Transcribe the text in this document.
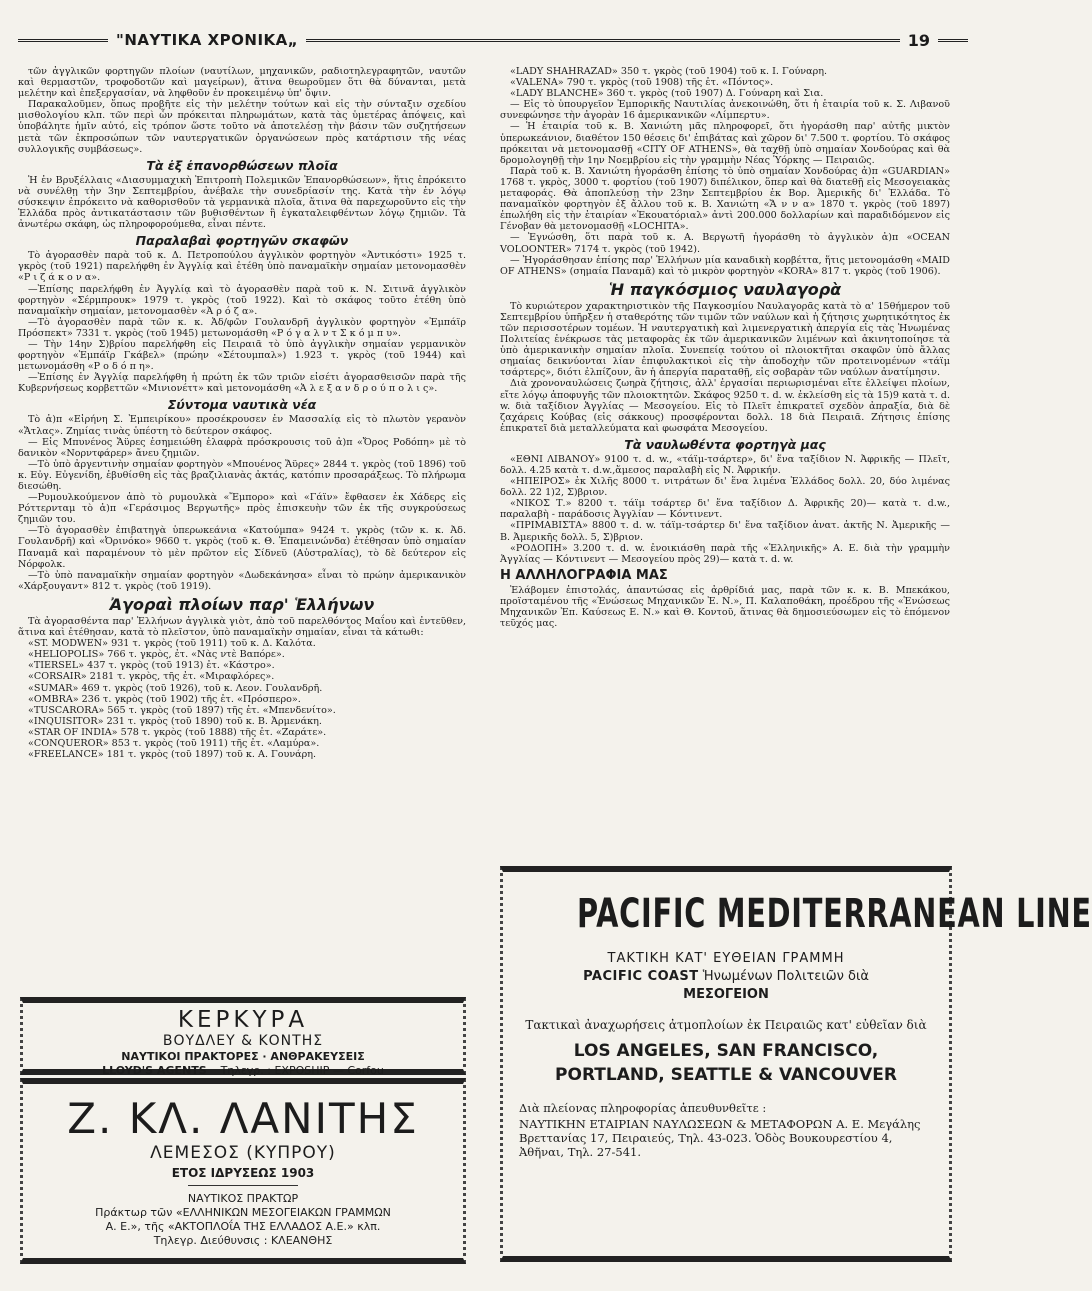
"ΝΑΥΤΙΚΑ ΧΡΟΝΙΚΑ„	19

τῶν ἀγγλικῶν φορτηγῶν πλοίων (ναυτίλων, μηχανικῶν, ραδιοτηλεγραφητῶν, ναυτῶν καὶ θερμαστῶν, τροφοδοτῶν καὶ μαγείρων), ἅτινα θεωροῦμεν ὅτι θὰ δύνανται, μετὰ μελέτην καὶ ἐπεξεργασίαν, νὰ ληφθοῦν ἐν προκειμένῳ ὑπ' ὄψιν.

Παρακαλοῦμεν, ὅπως προβῆτε εἰς τὴν μελέτην τούτων καὶ εἰς τὴν σύνταξιν σχεδίου μισθολογίου κλπ. τῶν περὶ ὧν πρόκειται πληρωμάτων, κατὰ τὰς ὑμετέρας ἀπόψεις, καὶ ὑποβάλητε ἡμῖν αὐτό, εἰς τρόπον ὥστε τοῦτο νὰ ἀποτελέσῃ τὴν βάσιν τῶν συζητήσεων μετὰ τῶν ἐκπροσώπων τῶν ναυτεργατικῶν ὀργανώσεων πρὸς κατάρτισιν τῆς νέας συλλογικῆς συμβάσεως».

Τὰ ἐξ ἐπανορθώσεων πλοῖα

Ἡ ἐν Βρυξέλλαις «Διασυμμαχικὴ Ἐπιτροπὴ Πολεμικῶν Ἐπανορθώσεων», ἥτις ἐπρόκειτο νὰ συνέλθῃ τὴν 3ην Σεπτεμβρίου, ἀνέβαλε τὴν συνεδρίασίν της. Κατὰ τὴν ἐν λόγῳ σύσκεψιν ἐπρόκειτο νὰ καθορισθοῦν τὰ γερμανικὰ πλοῖα, ἅτινα θὰ παρεχωροῦντο εἰς τὴν Ἑλλάδα πρὸς ἀντικατάστασιν τῶν βυθισθέντων ἢ ἐγκαταλειφθέντων λόγῳ ζημιῶν. Τὰ ἀνωτέρω σκάφη, ὡς πληροφορούμεθα, εἶναι πέντε.

Παραλαβαὶ φορτηγῶν σκαφῶν

Τὸ ἀγορασθὲν παρὰ τοῦ κ. Δ. Πετροπούλου ἀγγλικὸν φορτηγὸν «Ἀντικόστι» 1925 τ. γκρὸς (τοῦ 1921) παρελήφθη ἐν Ἀγγλίᾳ καὶ ἐτέθη ὑπὸ παναμαϊκὴν σημαίαν μετονομασθὲν «Ρ ι ζ ά κ ο ν α».

—Ἐπίσης παρελήφθη ἐν Ἀγγλίᾳ καὶ τὸ ἀγορασθὲν παρὰ τοῦ κ. Ν. Σιτινᾶ ἀγγλικὸν φορτηγὸν «Σέρμπρουκ» 1979 τ. γκρὸς (τοῦ 1922). Καὶ τὸ σκάφος τοῦτο ἐτέθη ὑπὸ παναμαϊκὴν σημαίαν, μετονομασθὲν «Ἀ ρ ό ζ α».

—Τὸ ἀγορασθὲν παρὰ τῶν κ. κ. Ἀδ/φῶν Γουλανδρῆ ἀγγλικὸν φορτηγὸν «Ἐμπάϊρ Πρόσπεκτ» 7331 τ. γκρὸς (τοῦ 1945) μετωνομάσθη «Ρ ό γ α λ ν τ Σ κ ό μ π υ».

— Τὴν 14ην Σ)βρίου παρελήφθη εἰς Πειραιᾶ τὸ ὑπὸ ἀγγλικὴν σημαίαν γερμανικὸν φορτηγὸν «Ἐμπάϊρ Γκάβελ» (πρώην «Σέτουμπαλ») 1.923 τ. γκρὸς (τοῦ 1944) καὶ μετωνομάσθη «Ρ ο δ ό π η».

—Ἐπίσης ἐν Ἀγγλίᾳ παρελήφθη ἡ πρώτη ἐκ τῶν τριῶν εἰσέτι ἀγορασθεισῶν παρὰ τῆς Κυβερνήσεως κορβεττῶν «Μινιονέττ» καὶ μετονομάσθη «Ἀ λ ε ξ α ν δ ρ ο ύ π ο λ ι ς».

Σύντομα ναυτικὰ νέα

Τὸ ἀ)π «Εἰρήνη Σ. Ἐμπειρίκου» προσέκρουσεν ἐν Μασσαλίᾳ εἰς τὸ πλωτὸν γερανὸν «Ἄτλας». Ζημίας τινὰς ὑπέστη τὸ δεύτερον σκάφος.

— Εἰς Μπυνένος Ἄϋρες ἐσημειώθη ἐλαφρὰ πρόσκρουσις τοῦ ἀ)π «Ὄρος Ροδόπη» μὲ τὸ δανικὸν «Νορντφάρερ» ἄνευ ζημιῶν.

—Τὸ ὑπὸ ἀργεντινὴν σημαίαν φορτηγὸν «Μπουένος Ἄϋρες» 2844 τ. γκρὸς (τοῦ 1896) τοῦ κ. Εὐγ. Εὐγενίδη, ἐβυθίσθη εἰς τὰς βραζιλιανὰς ἀκτάς, κατόπιν προσαράξεως. Τὸ πλήρωμα διεσώθη.

—Ρυμουλκούμενον ἀπὸ τὸ ρυμουλκὰ «Ἔμπορο» καὶ «Γάϊν» ἔφθασεν ἐκ Χάδερς εἰς Ρόττερνταμ τὸ ἀ)π «Γεράσιμος Βεργωτῆς» πρὸς ἐπισκευὴν τῶν ἐκ τῆς συγκρούσεως ζημιῶν του.

—Τὸ ἀγορασθὲν ἐπιβατηγὰ ὑπερωκεάνια «Κατούμπα» 9424 τ. γκρὸς (τῶν κ. κ. Ἀδ. Γουλανδρῆ) καὶ «Ὀρινόκο» 9660 τ. γκρὸς (τοῦ κ. Θ. Ἐπαμεινώνδα) ἐτέθησαν ὑπὸ σημαίαν Παναμᾶ καὶ παραμένουν τὸ μὲν πρῶτον εἰς Σίδνεϋ (Αὐστραλίας), τὸ δὲ δεύτερον εἰς Νόρφολκ.

—Τὸ ὑπὸ παναμαϊκὴν σημαίαν φορτηγὸν «Δωδεκάνησα» εἶναι τὸ πρώην ἀμερικανικὸν «Χάρξουγαντ» 812 τ. γκρὸς (τοῦ 1919).

Ἀγοραὶ πλοίων παρ' Ἑλλήνων

Τὰ ἀγορασθέντα παρ' Ἑλλήνων ἀγγλικὰ γιὸτ, ἀπὸ τοῦ παρελθόντος Μαΐου καὶ ἐντεῦθεν, ἅτινα καὶ ἐτέθησαν, κατὰ τὸ πλεῖστον, ὑπὸ παναμαϊκὴν σημαίαν, εἶναι τὰ κάτωθι:

«ST. MODWEN» 931 τ. γκρὸς (τοῦ 1911) τοῦ κ. Δ. Καλότα.
«HELIOPOLIS» 766 τ. γκρὸς, ἐτ. «Νὰς ντὲ Βαπόρε».
«TIERSEL» 437 τ. γκρὸς (τοῦ 1913) ἐτ. «Κάστρο».
«CORSAIR» 2181 τ. γκρὸς, τῆς ἐτ. «Μιραφλόρες».
«SUMAR» 469 τ. γκρὸς (τοῦ 1926), τοῦ κ. Λεον. Γουλανδρῆ.
«OMBRA» 236 τ. γκρὸς (τοῦ 1902) τῆς ἐτ. «Πρόσπερο».
«TUSCARORA» 565 τ. γκρὸς (τοῦ 1897) τῆς ἐτ. «Μπενδενίτο».
«INQUISITOR» 231 τ. γκρὸς (τοῦ 1890) τοῦ κ. Β. Ἀρμενάκη.
«STAR OF INDIA» 578 τ. γκρὸς (τοῦ 1888) τῆς ἐτ. «Ζαράτε».
«CONQUEROR» 853 τ. γκρὸς (τοῦ 1911) τῆς ἐτ. «Λαμύρα».
«FREELANCE» 181 τ. γκρὸς (τοῦ 1897) τοῦ κ. Α. Γουνάρη.
«LADY SHAHRAZAD» 350 τ. γκρὸς (τοῦ 1904) τοῦ κ. Ι. Γούναρη.
«VALENA» 790 τ. γκρὸς (τοῦ 1908) τῆς ἐτ. «Πόντος».
«LADY BLANCHE» 360 τ. γκρὸς (τοῦ 1907) Δ. Γούναρη καὶ Σια.

— Εἰς τὸ ὑπουργεῖον Ἐμπορικῆς Ναυτιλίας ἀνεκοινώθη, ὅτι ἡ ἑταιρία τοῦ κ. Σ. Λιβανοῦ συνεφώνησε τὴν ἀγορὰν 16 ἀμερικανικῶν «Λίμπερτυ».

— Ἡ ἑταιρία τοῦ κ. Β. Χανιώτη μᾶς πληροφορεῖ, ὅτι ἠγοράσθη παρ' αὐτῆς μικτὸν ὑπερωκεάνιον, διαθέτον 150 θέσεις δι' ἐπιβάτας καὶ χῶρον δι' 7.500 τ. φορτίου. Τὸ σκάφος πρόκειται νὰ μετονομασθῇ «CITY OF ATHENS», θὰ ταχθῇ ὑπὸ σημαίαν Χονδούρας καὶ θὰ δρομολογηθῇ τὴν 1ην Νοεμβρίου εἰς τὴν γραμμὴν Νέας Ὑόρκης — Πειραιῶς.

Παρὰ τοῦ κ. Β. Χανιώτη ἠγοράσθη ἐπίσης τὸ ὑπὸ σημαίαν Χονδούρας ἀ)π «GUARDIAN» 1768 τ. γκρὸς, 3000 τ. φορτίου (τοῦ 1907) διπέλικον, ὅπερ καὶ θὰ διατεθῇ εἰς Μεσογειακὰς μεταφοράς. Θὰ ἀποπλεύσῃ τὴν 23ην Σεπτεμβρίου ἐκ Βορ. Ἀμερικῆς δι' Ἑλλάδα. Τὸ παναμαϊκὸν φορτηγὸν ἐξ ἄλλου τοῦ κ. Β. Χανιώτη «Ἄ ν ν α» 1870 τ. γκρὸς (τοῦ 1897) ἐπωλήθη εἰς τὴν ἑταιρίαν «Ἐκουατόριαλ» ἀντὶ 200.000 δολλαρίων καὶ παραδιδόμενον εἰς Γένοβαν θὰ μετονομασθῇ «LOCHITA».

— Ἐγνώσθη, ὅτι παρὰ τοῦ κ. Α. Βεργωτῆ ἠγοράσθη τὸ ἀγγλικὸν ἀ)π «OCEAN VOLOONTER» 7174 τ. γκρὸς (τοῦ 1942).

— Ἠγοράσθησαν ἐπίσης παρ' Ἑλλήνων μία καναδικὴ κορβέττα, ἥτις μετονομάσθη «MAID OF ATHENS» (σημαία Παναμᾶ) καὶ τὸ μικρὸν φορτηγὸν «KORA» 817 τ. γκρὸς (τοῦ 1906).

Ἡ παγκόσμιος ναυλαγορὰ

Τὸ κυριώτερον χαρακτηριστικὸν τῆς Παγκοσμίου Ναυλαγορᾶς κατὰ τὸ α' 15θήμερον τοῦ Σεπτεμβρίου ὑπῆρξεν ἡ σταθερότης τῶν τιμῶν τῶν ναύλων καὶ ἡ ζήτησις χωρητικότητος ἐκ τῶν περισσοτέρων τομέων. Ἡ ναυτεργατικὴ καὶ λιμενεργατικὴ ἀπεργία εἰς τὰς Ἡνωμένας Πολιτείας ἐνέκρωσε τὰς μεταφορὰς ἐκ τῶν ἀμερικανικῶν λιμένων καὶ ἀκινητοποίησε τὰ ὑπὸ ἀμερικανικὴν σημαίαν πλοῖα. Συνεπείᾳ τούτου οἱ πλοιοκτῆται σκαφῶν ὑπὸ ἄλλας σημαίας δεικνύονται λίαν ἐπιφυλακτικοὶ εἰς τὴν ἀποδοχὴν τῶν προτεινομένων «τάϊμ τσάρτερς», διότι ἐλπίζουν, ἂν ἡ ἀπεργία παραταθῇ, εἰς σοβαρὰν τῶν ναύλων ἀνατίμησιν.

Διὰ χρονοναυλώσεις ζωηρὰ ζήτησις, ἀλλ' ἐργασίαι περιωρισμέναι εἴτε ἐλλείψει πλοίων, εἴτε λόγῳ ἀποφυγῆς τῶν πλοιοκτητῶν. Σκάφος 9250 τ. d. w. ἐκλείσθη εἰς τὰ 15)9 κατὰ τ. d. w. διὰ ταξίδιον Ἀγγλίας — Μεσογείου. Εἰς τὸ Πλεῖτ ἐπικρατεῖ σχεδὸν ἀπραξία, διὰ δὲ ζαχάρεις Κούβας (εἰς σάκκους) προσφέρονται δολλ. 18 διὰ Πειραιᾶ. Ζήτησις ἐπίσης ἐπικρατεῖ διὰ μεταλλεύματα καὶ φωσφάτα Μεσογείου.

Τὰ ναυλωθέντα φορτηγὰ μας

«ΕΘΝΙ ΛΙΒΑΝΟΥ» 9100 τ. d. w., «τάϊμ-τσάρτερ», δι' ἕνα ταξίδιον Ν. Ἀφρικῆς — Πλεῖτ, δολλ. 4.25 κατὰ τ. d.w.,ἅμεσος παραλαβὴ εἰς Ν. Ἀφρικήν.

«ΗΠΕΙΡΟΣ» ἐκ Χιλῆς 8000 τ. νιτράτων δι' ἕνα λιμένα Ἑλλάδος δολλ. 20, δύο λιμένας δολλ. 22 1)2, Σ)βριον.

«ΝΙΚΟΣ Τ.» 8200 τ. τάϊμ τσάρτερ δι' ἕνα ταξίδιον Δ. Ἀφρικῆς 20)— κατὰ τ. d.w., παραλαβὴ - παράδοσις Ἀγγλίαν — Κόντινεντ.

«ΠΡΙΜΑΒΙΣΤΑ» 8800 τ. d. w. τάϊμ-τσάρτερ δι' ἕνα ταξίδιον ἀνατ. ἀκτῆς Ν. Ἀμερικῆς — Β. Ἀμερικῆς δολλ. 5, Σ)βριον.

«ΡΟΔΟΠΗ» 3.200 τ. d. w. ἐνοικιάσθη παρὰ τῆς «Ἑλληνικῆς» Α. Ε. διὰ τὴν γραμμὴν Ἀγγλίας — Κόντινεντ — Μεσογείου πρὸς 29)— κατὰ τ. d. w.

Η ΑΛΛΗΛΟΓΡΑΦΙΑ ΜΑΣ

Ἐλάβομεν ἐπιστολάς, ἀπαντώσας εἰς ἀρθρίδιά μας, παρὰ τῶν κ. κ. Β. Μπεκάκου, προϊσταμένου τῆς «Ἑνώσεως Μηχανικῶν Ἐ. Ν.», Π. Καλαποθάκη, προέδρου τῆς «Ἑνώσεως Μηχανικῶν Ἐπ. Καύσεως Ε. Ν.» καὶ Θ. Κοντοῦ, ἅτινας θὰ δημοσιεύσωμεν εἰς τὸ ἑπόμενον τεῦχός μας.

ΚΕΡΚΥΡΑ
ΒΟΥΔΛΕΥ & ΚΟΝΤΗΣ
ΝΑΥΤΙΚΟΙ ΠΡΑΚΤΟΡΕΣ · ΑΝΘΡΑΚΕΥΣΕΙΣ
LLOYD'S AGENTS Τηλεγρ. : EXPOSHIP — Corfou
Ζ. ΚΛ. ΛΑΝΙΤΗΣ
ΛΕΜΕΣΟΣ (ΚΥΠΡΟΥ)
ΕΤΟΣ ΙΔΡΥΣΕΩΣ 1903
ΝΑΥΤΙΚΟΣ ΠΡΑΚΤΩΡ
Πράκτωρ τῶν «ΕΛΛΗΝΙΚΩΝ ΜΕΣΟΓΕΙΑΚΩΝ ΓΡΑΜΜΩΝ
Α. Ε.», τῆς «ΑΚΤΟΠΛΟΐΑ ΤΗΣ ΕΛΛΑΔΟΣ Α.Ε.» κλπ.
Τηλεγρ. Διεύθυνσις : ΚΛΕΑΝΘΗΣ
PACIFIC MEDITERRANEAN LINE
ΤΑΚΤΙΚΗ ΚΑΤ' ΕΥΘΕΙΑΝ ΓΡΑΜΜΗ
PACIFIC COAST Ἡνωμένων Πολιτειῶν διὰ
ΜΕΣΟΓΕΙΟΝ
Τακτικαὶ ἀναχωρήσεις ἀτμοπλοίων ἐκ Πειραιῶς κατ' εὐθεῖαν διὰ
LOS ANGELES, SAN FRANCISCO,
PORTLAND, SEATTLE & VANCOUVER
Διὰ πλείονας πληροφορίας ἀπευθυνθεῖτε :
ΝΑΥΤΙΚΗΝ ΕΤΑΙΡΙΑΝ ΝΑΥΛΩΣΕΩΝ & ΜΕΤΑΦΟΡΩΝ Α. Ε. Μεγάλης Βρεττανίας 17, Πειραιεύς, Τηλ. 43-023. Ὁδὸς Βουκουρεστίου 4, Ἀθῆναι, Τηλ. 27-541.
